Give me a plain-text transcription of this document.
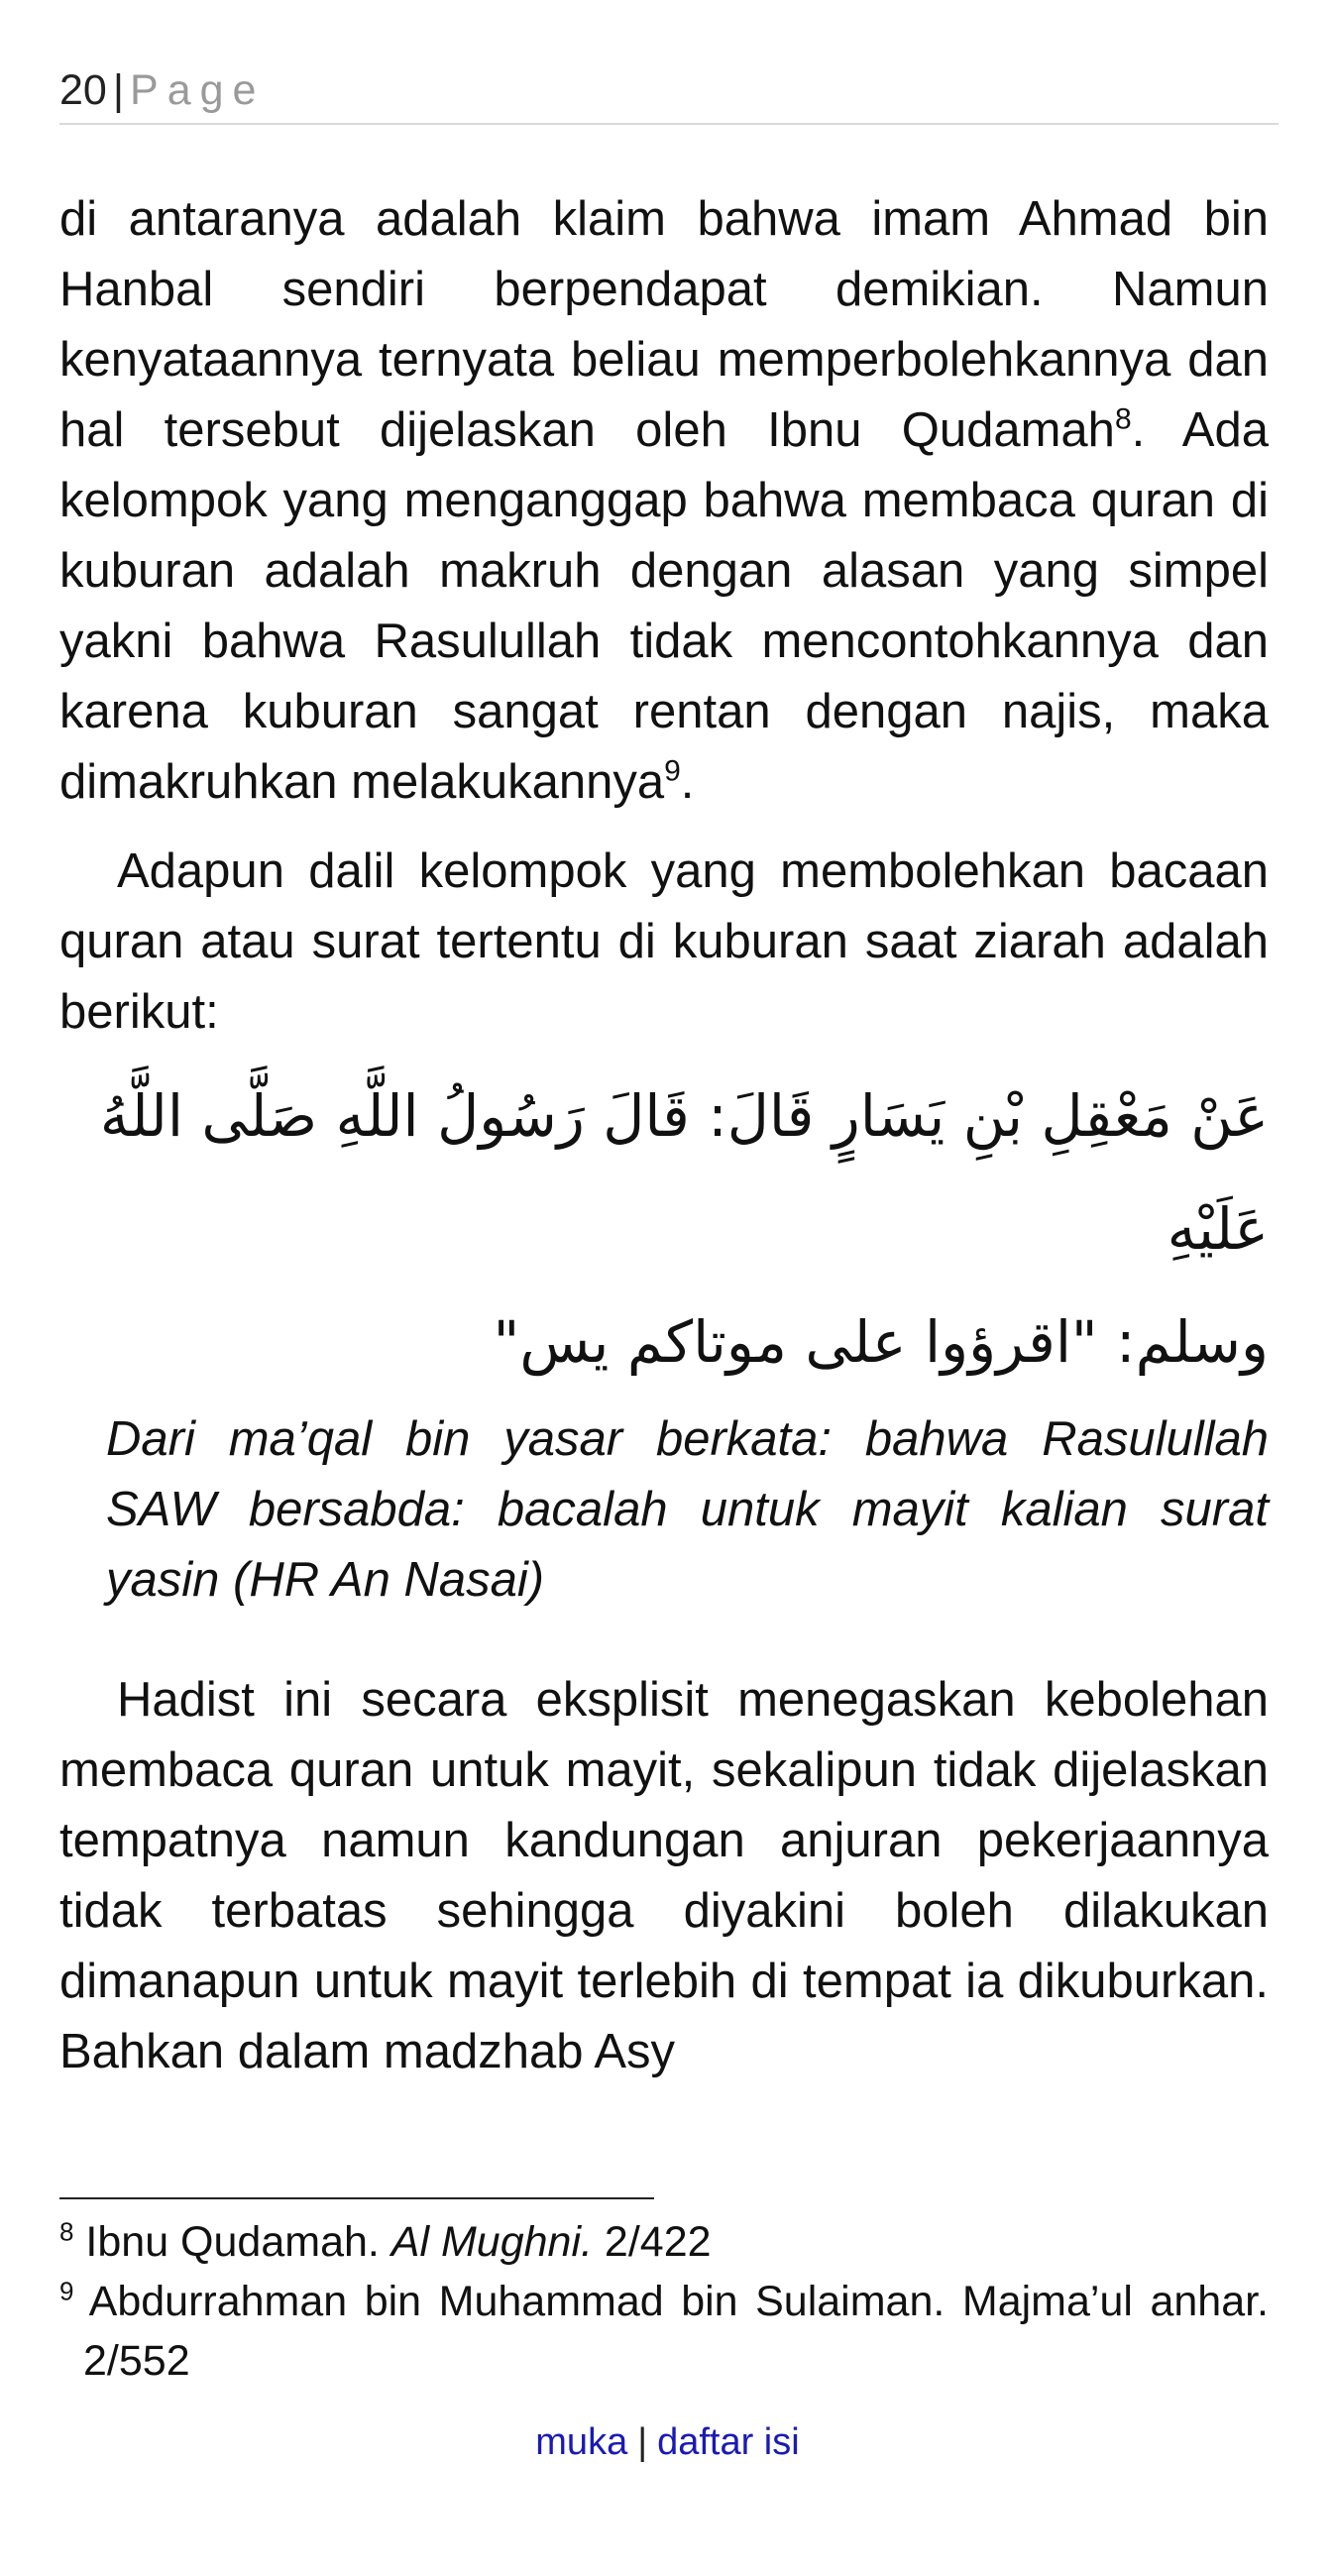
20 | Page

di antaranya adalah klaim bahwa imam Ahmad bin Hanbal sendiri berpendapat demikian. Namun kenyataannya ternyata beliau memperbolehkannya dan hal tersebut dijelaskan oleh Ibnu Qudamah$^8$. Ada kelompok yang menganggap bahwa membaca quran di kuburan adalah makruh dengan alasan yang simpel yakni bahwa Rasulullah tidak mencontohkannya dan karena kuburan sangat rentan dengan najis, maka dimakruhkan melakukannya$^9$.

Adapun dalil kelompok yang membolehkan bacaan quran atau surat tertentu di kuburan saat ziarah adalah berikut:

عَنْ مَعْقِلِ بْنِ يَسَارٍ قَالَ: قَالَ رَسُولُ اللَّهِ صَلَّى اللَّهُ عَلَيْهِ

وسلم: "اقرؤوا على موتاكم يس"

Dari ma’qal bin yasar berkata: bahwa Rasulullah SAW bersabda: bacalah untuk mayit kalian surat yasin (HR An Nasai)

Hadist ini secara eksplisit menegaskan kebolehan membaca quran untuk mayit, sekalipun tidak dijelaskan tempatnya namun kandungan anjuran pekerjaannya tidak terbatas sehingga diyakini boleh dilakukan dimanapun untuk mayit terlebih di tempat ia dikuburkan. Bahkan dalam madzhab Asy

$^8$ Ibnu Qudamah. Al Mughni. 2/422

$^9$ Abdurrahman bin Muhammad bin Sulaiman. Majma’ul anhar. 2/552

muka | daftar isi
